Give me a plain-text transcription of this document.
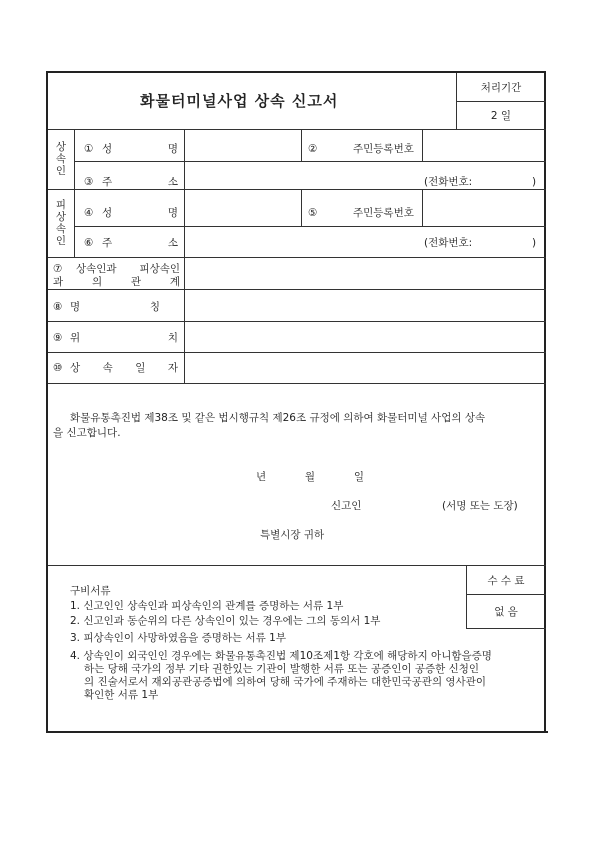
화물터미널사업 상속 신고서
처리기간
2 일
상
속
인
① 성	명	②	주민등록번호
③ 주	소	(전화번호:	)
피
상
속
인
④ 성	명	⑤	주민등록번호
⑥ 주	소	(전화번호:	)
⑦ 상속인과 피상속인
과	의	관	계
⑧ 명	칭
⑨ 위	치
⑩ 상 속 일 자
화물유통촉진법 제38조 및 같은 법시행규칙 제26조 규정에 의하여 화물터미널 사업의 상속
을 신고합니다.
년	월	일
신고인	(서명 또는 도장)
특별시장 귀하
수 수 료
없 음
구비서류
1. 신고인인 상속인과 피상속인의 관계를 증명하는 서류 1부
2. 신고인과 동순위의 다른 상속인이 있는 경우에는 그의 동의서 1부
3. 피상속인이 사망하였음을 증명하는 서류 1부
4. 상속인이 외국인인 경우에는 화물유통촉진법 제10조제1항 각호에 해당하지 아니함을증명
하는 당해 국가의 정부 기타 권한있는 기관이 발행한 서류 또는 공증인이 공증한 신청인
의 진술서로서 재외공관공증법에 의하여 당해 국가에 주재하는 대한민국공관의 영사관이
확인한 서류 1부
